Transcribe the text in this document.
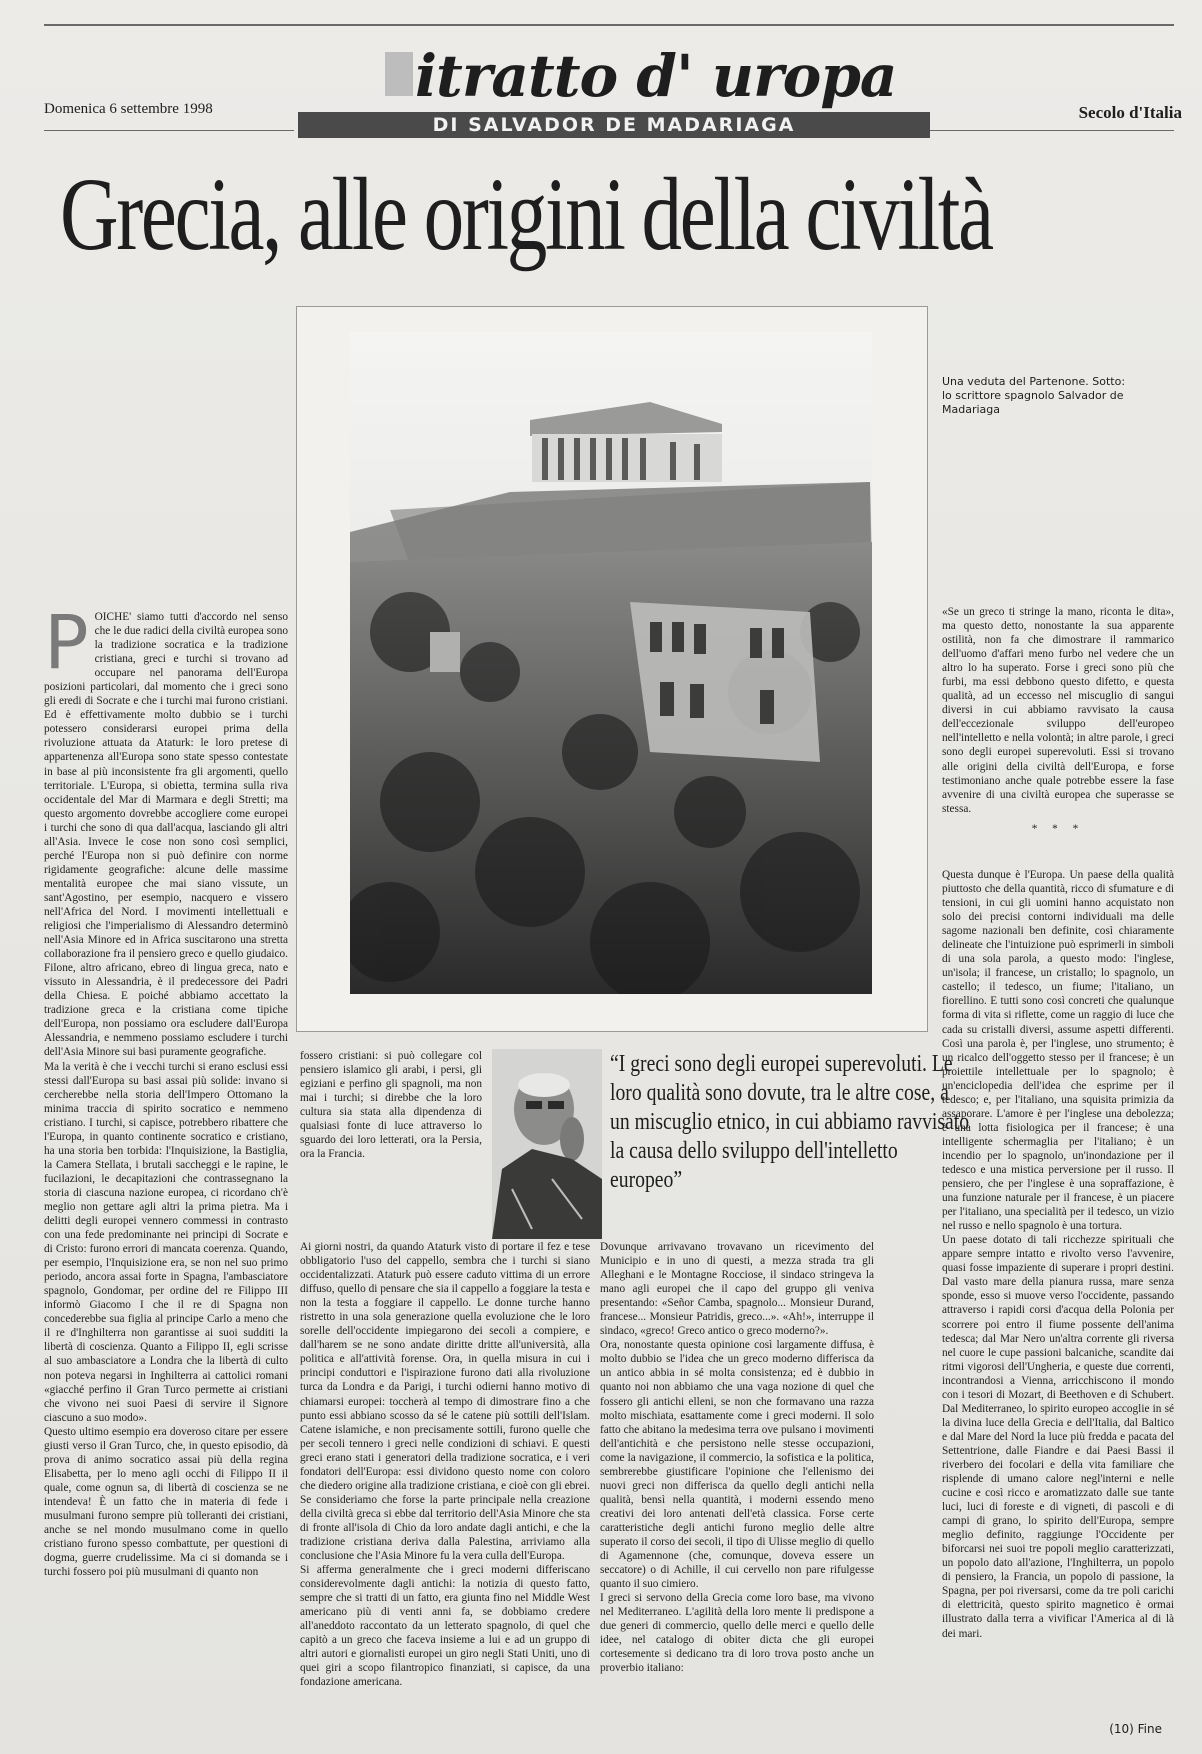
Domenica 6 settembre 1998	itratto d' uropa
DI SALVADOR DE MADARIAGA
Secolo d'Italia
Grecia, alle origini della civiltà
Una veduta del Partenone. Sotto: lo scrittore spagnolo Salvador de Madariaga

POICHE' siamo tutti d'accordo nel senso che le due radici della civiltà europea sono la tradizione socratica e la tradizione cristiana, greci e turchi si trovano ad occupare nel panorama dell'Europa posizioni particolari, dal momento che i greci sono gli eredi di Socrate e che i turchi mai furono cristiani. Ed è effettivamente molto dubbio se i turchi potessero considerarsi europei prima della rivoluzione attuata da Ataturk: le loro pretese di appartenenza all'Europa sono state spesso contestate in base al più inconsistente fra gli argomenti, quello territoriale. L'Europa, si obietta, termina sulla riva occidentale del Mar di Marmara e degli Stretti; ma questo argomento dovrebbe accogliere come europei i turchi che sono di qua dall'acqua, lasciando gli altri all'Asia. Invece le cose non sono così semplici, perché l'Europa non si può definire con norme rigidamente geografiche: alcune delle massime mentalità europee che mai siano vissute, un sant'Agostino, per esempio, nacquero e vissero nell'Africa del Nord. I movimenti intellettuali e religiosi che l'imperialismo di Alessandro determinò nell'Asia Minore ed in Africa suscitarono una stretta collaborazione fra il pensiero greco e quello giudaico. Filone, altro africano, ebreo di lingua greca, nato e vissuto in Alessandria, è il predecessore dei Padri della Chiesa. E poiché abbiamo accettato la tradizione greca e la cristiana come tipiche dell'Europa, non possiamo ora escludere dall'Europa Alessandria, e nemmeno possiamo escludere i turchi dell'Asia Minore sui basi puramente geografiche.

Ma la verità è che i vecchi turchi si erano esclusi essi stessi dall'Europa su basi assai più solide: invano si cercherebbe nella storia dell'Impero Ottomano la minima traccia di spirito socratico e nemmeno cristiano. I turchi, si capisce, potrebbero ribattere che l'Europa, in quanto continente socratico e cristiano, ha una storia ben torbida: l'Inquisizione, la Bastiglia, la Camera Stellata, i brutali saccheggi e le rapine, le fucilazioni, le decapitazioni che contrassegnano la storia di ciascuna nazione europea, ci ricordano ch'è meglio non gettare agli altri la prima pietra. Ma i delitti degli europei vennero commessi in contrasto con una fede predominante nei principi di Socrate e di Cristo: furono errori di mancata coerenza. Quando, per esempio, l'Inquisizione era, se non nel suo primo periodo, ancora assai forte in Spagna, l'ambasciatore spagnolo, Gondomar, per ordine del re Filippo III informò Giacomo I che il re di Spagna non concederebbe sua figlia al principe Carlo a meno che il re d'Inghilterra non garantisse ai suoi sudditi la libertà di coscienza. Quanto a Filippo II, egli scrisse al suo ambasciatore a Londra che la libertà di culto non poteva negarsi in Inghilterra ai cattolici romani «giacché perfino il Gran Turco permette ai cristiani che vivono nei suoi Paesi di servire il Signore ciascuno a suo modo».

Questo ultimo esempio era doveroso citare per essere giusti verso il Gran Turco, che, in questo episodio, dà prova di animo socratico assai più della regina Elisabetta, per lo meno agli occhi di Filippo II il quale, come ognun sa, di libertà di coscienza se ne intendeva! È un fatto che in materia di fede i musulmani furono sempre più tolleranti dei cristiani, anche se nel mondo musulmano come in quello cristiano furono spesso combattute, per questioni di dogma, guerre crudelissime. Ma ci si domanda se i turchi fossero poi più musulmani di quanto non

fossero cristiani: si può collegare col pensiero islamico gli arabi, i persi, gli egiziani e perfino gli spagnoli, ma non mai i turchi; si direbbe che la loro cultura sia stata alla dipendenza di qualsiasi fonte di luce attraverso lo sguardo dei loro letterati, ora la Persia, ora la Francia.

Ai giorni nostri, da quando Ataturk visto di portare il fez e tese obbligatorio l'uso del cappello, sembra che i turchi si siano occidentalizzati. Ataturk può essere caduto vittima di un errore diffuso, quello di pensare che sia il cappello a foggiare la testa e non la testa a foggiare il cappello. Le donne turche hanno ristretto in una sola generazione quella evoluzione che le loro sorelle dell'occidente impiegarono dei secoli a compiere, e dall'harem se ne sono andate diritte dritte all'università, alla politica e all'attività forense. Ora, in quella misura in cui i principi conduttori e l'ispirazione furono dati alla rivoluzione turca da Londra e da Parigi, i turchi odierni hanno motivo di chiamarsi europei: toccherà al tempo di dimostrare fino a che punto essi abbiano scosso da sé le catene più sottili dell'Islam. Catene islamiche, e non precisamente sottili, furono quelle che per secoli tennero i greci nelle condizioni di schiavi. E questi greci erano stati i generatori della tradizione socratica, e i veri fondatori dell'Europa: essi dividono questo nome con coloro che diedero origine alla tradizione cristiana, e cioè con gli ebrei. Se consideriamo che forse la parte principale nella creazione della civiltà greca si ebbe dal territorio dell'Asia Minore che sta di fronte all'isola di Chio da loro andate dagli antichi, e che la tradizione cristiana deriva dalla Palestina, arriviamo alla conclusione che l'Asia Minore fu la vera culla dell'Europa.

Si afferma generalmente che i greci moderni differiscano considerevolmente dagli antichi: la notizia di questo fatto, sempre che si tratti di un fatto, era giunta fino nel Middle West americano più di venti anni fa, se dobbiamo credere all'aneddoto raccontato da un letterato spagnolo, di quel che capitò a un greco che faceva insieme a lui e ad un gruppo di altri autori e giornalisti europei un giro negli Stati Uniti, uno di quei giri a scopo filantropico finanziati, si capisce, da una fondazione americana.

“I greci sono degli europei superevoluti. Le loro qualità sono dovute, tra le altre cose, a un miscuglio etnico, in cui abbiamo ravvisato la causa dello sviluppo dell'intelletto europeo”

Dovunque arrivavano trovavano un ricevimento del Municipio e in uno di questi, a mezza strada tra gli Alleghani e le Montagne Rocciose, il sindaco stringeva la mano agli europei che il capo del gruppo gli veniva presentando: «Señor Camba, spagnolo... Monsieur Durand, francese... Monsieur Patridis, greco...». «Ah!», interruppe il sindaco, «greco! Greco antico o greco moderno?».

Ora, nonostante questa opinione così largamente diffusa, è molto dubbio se l'idea che un greco moderno differisca da un antico abbia in sé molta consistenza; ed è dubbio in quanto noi non abbiamo che una vaga nozione di quel che fossero gli antichi elleni, se non che formavano una razza molto mischiata, esattamente come i greci moderni. Il solo fatto che abitano la medesima terra ove pulsano i movimenti dell'antichità e che persistono nelle stesse occupazioni, come la navigazione, il commercio, la sofistica e la politica, sembrerebbe giustificare l'opinione che l'ellenismo dei nuovi greci non differisca da quello degli antichi nella qualità, bensì nella quantità, i moderni essendo meno creativi dei loro antenati dell'età classica. Forse certe caratteristiche degli antichi furono meglio delle altre superato il corso dei secoli, il tipo di Ulisse meglio di quello di Agamennone (che, comunque, doveva essere un seccatore) o di Achille, il cui cervello non pare rifulgesse quanto il suo cimiero.

I greci si servono della Grecia come loro base, ma vivono nel Mediterraneo. L'agilità della loro mente li predispone a due generi di commercio, quello delle merci e quello delle idee, nel catalogo di obiter dicta che gli europei cortesemente si dedicano tra di loro trova posto anche un proverbio italiano:

«Se un greco ti stringe la mano, riconta le dita», ma questo detto, nonostante la sua apparente ostilità, non fa che dimostrare il rammarico dell'uomo d'affari meno furbo nel vedere che un altro lo ha superato. Forse i greci sono più che furbi, ma essi debbono questo difetto, e questa qualità, ad un eccesso nel miscuglio di sangui diversi in cui abbiamo ravvisato la causa dell'eccezionale sviluppo dell'europeo nell'intelletto e nella volontà; in altre parole, i greci sono degli europei superevoluti. Essi si trovano alle origini della civiltà dell'Europa, e forse testimoniano anche quale potrebbe essere la fase avvenire di una civiltà europea che superasse se stessa.

* * *

Questa dunque è l'Europa. Un paese della qualità piuttosto che della quantità, ricco di sfumature e di tensioni, in cui gli uomini hanno acquistato non solo dei precisi contorni individuali ma delle sagome nazionali ben definite, così chiaramente delineate che l'intuizione può esprimerli in simboli di una sola parola, a questo modo: l'inglese, un'isola; il francese, un cristallo; lo spagnolo, un castello; il tedesco, un fiume; l'italiano, un fiorellino. E tutti sono così concreti che qualunque forma di vita si riflette, come un raggio di luce che cada su cristalli diversi, assume aspetti differenti. Così una parola è, per l'inglese, uno strumento; è un ricalco dell'oggetto stesso per il francese; è un proiettile intellettuale per lo spagnolo; è un'enciclopedia dell'idea che esprime per il tedesco; e, per l'italiano, una squisita primizia da assaporare. L'amore è per l'inglese una debolezza; è una lotta fisiologica per il francese; è una intelligente schermaglia per l'italiano; è un incendio per lo spagnolo, un'inondazione per il tedesco e una mistica perversione per il russo. Il pensiero, che per l'inglese è una sopraffazione, è una funzione naturale per il francese, è un piacere per l'italiano, una specialità per il tedesco, un vizio nel russo e nello spagnolo è una tortura.

Un paese dotato di tali ricchezze spirituali che appare sempre intatto e rivolto verso l'avvenire, quasi fosse impaziente di superare i propri destini. Dal vasto mare della pianura russa, mare senza sponde, esso si muove verso l'occidente, passando attraverso i rapidi corsi d'acqua della Polonia per scorrere poi entro il fiume possente dell'anima tedesca; dal Mar Nero un'altra corrente gli riversa nel cuore le cupe passioni balcaniche, scandite dai ritmi vigorosi dell'Ungheria, e queste due correnti, incontrandosi a Vienna, arricchiscono il mondo con i tesori di Mozart, di Beethoven e di Schubert. Dal Mediterraneo, lo spirito europeo accoglie in sé la divina luce della Grecia e dell'Italia, dal Baltico e dal Mare del Nord la luce più fredda e pacata del Settentrione, dalle Fiandre e dai Paesi Bassi il riverbero dei focolari e della vita familiare che risplende di umano calore negl'interni e nelle cucine e così ricco e aromatizzato dalle sue tante luci, luci di foreste e di vigneti, di pascoli e di campi di grano, lo spirito dell'Europa, sempre meglio definito, raggiunge l'Occidente per biforcarsi nei suoi tre popoli meglio caratterizzati, un popolo dato all'azione, l'Inghilterra, un popolo di pensiero, la Francia, un popolo di passione, la Spagna, per poi riversarsi, come da tre poli carichi di elettricità, questo spirito magnetico è ormai illustrato dalla terra a vivificar l'America al di là dei mari.

(10) Fine
